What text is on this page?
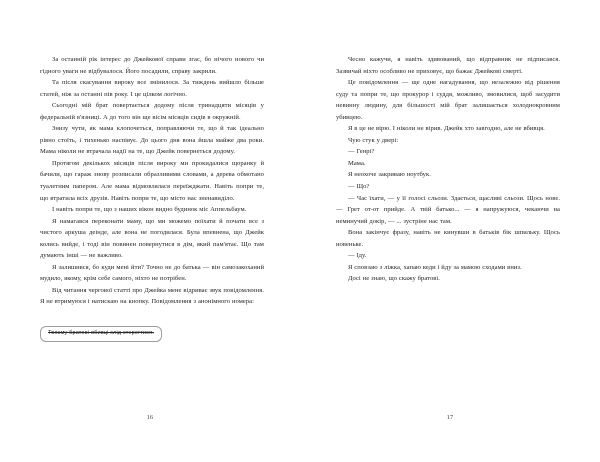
За останній рік інтерес до Джейкової справи згас, бо нічого нового чи гідного уваги не відбувалося. Його посадили, справу закрили.

Та після скасування вироку все змінилося. За тиждень вийшло більше статей, ніж за останні пів року. І це цілком логічно.

Сьогодні мій брат повертається додому після тринадцяти місяців у федеральній в'язниці. А до того він ще вісім місяців сидів в окружній.

Знизу чути, як мама клопочеться, поправляючи те, що й так ідеально рівно стоїть, і тихенько наспівує. До цього дня вона йшла майже два роки. Мама ніколи не втрачала надії на те, що Джейк повернеться додому.

Протягом декількох місяців після вироку ми прокидалися щоранку й бачили, що гараж знову розписали образливими словами, а дерева обмотано туалетним папером. Але мама відмовлялася переїжджати. Навіть попри те, що втратила всіх друзів. Навіть попри те, що місто нас зненавиділо.

І навіть попри те, що з наших вікон видно будинок міс Аппельбаум.

Я намагався переконати маму, що ми можемо поїхати й почати все з чистого аркуша деінде, але вона не погодилася. Була впевнена, що Джейк колись вийде, і тоді він повинен повернутися в дім, який пам'ятає. Що там думають інші — не важливо.

Я залишився, бо куди мені йти? Точно не до батька — він самозакоханий мудило, якому, крім себе самого, ніхто не потрібен.

Від читання чергової статті про Джейка мене відриває звук повідомлення. Я не втримуюся і натискаю на кнопку. Повідомлення з анонімного номера:

Твоєму братові-вбивці слід стерегтися.
16

Чесно кажучи, я навіть здивований, що відправник не підписався. Зазвичай ніхто особливо не приховує, що бажає Джейкові смерті.

Це повідомлення — ще одне нагадування, що незалежно від рішення суду та попри те, що прокурор і суддя, можливо, змовилися, щоб засудити невинну людину, для більшості мій брат залишається холоднокровним убивцею.

Я в це не вірю. І ніколи не вірив. Джейк хто завгодно, але не вбивця.

Чую стук у двері:

— Генрі?

Мама.

Я неохоче закриваю ноутбук.

— Що?

— Час їхати, — у її голосі сльози. Здається, щасливі сльози. Щось нове. — Грет от-от прийде. А твій батько... — я напружуюся, чекаючи на неминучий докір, — ... зустріне нас там.

Вона закінчує фразу, навіть не кинувши в батьків бік шпильку. Щось новеньке.

— Іду.

Я сповзаю з ліжка, хапаю кеди і йду за мамою сходами вниз.

Досі не знаю, що скажу братові.

17
